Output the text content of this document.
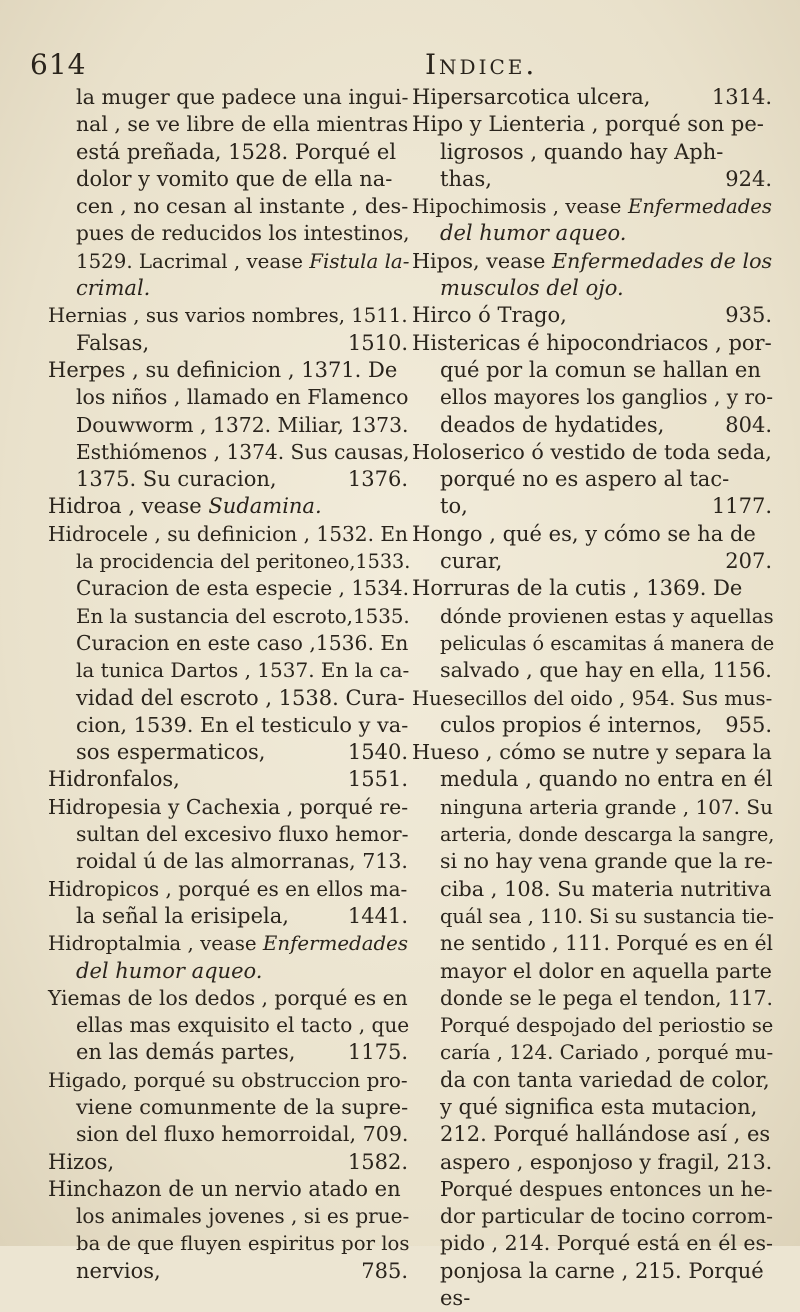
614	Indice.
la muger que padece una ingui-
nal , se ve libre de ella mientras
está preñada, 1528. Porqué el
dolor y vomito que de ella na-
cen , no cesan al instante , des-
pues de reducidos los intestinos,
1529. Lacrimal , vease Fistula la-
crimal.
Hernias , sus varios nombres, 1511.
Falsas,	1510.
Herpes , su definicion , 1371. De
los niños , llamado en Flamenco
Douwworm , 1372. Miliar, 1373.
Esthiómenos , 1374. Sus causas,
1375. Su curacion,	1376.
Hidroa , vease Sudamina.
Hidrocele , su definicion , 1532. En
la procidencia del peritoneo,1533.
Curacion de esta especie , 1534.
En la sustancia del escroto,1535.
Curacion en este caso ,1536. En
la tunica Dartos , 1537. En la ca-
vidad del escroto , 1538. Cura-
cion, 1539. En el testiculo y va-
sos espermaticos,	1540.
Hidronfalos,	1551.
Hidropesia y Cachexia , porqué re-
sultan del excesivo fluxo hemor-
roidal ú de las almorranas, 713.
Hidropicos , porqué es en ellos ma-
la señal la erisipela,	1441.
Hidroptalmia , vease Enfermedades
del humor aqueo.
Yiemas de los dedos , porqué es en
ellas mas exquisito el tacto , que
en las demás partes, 1175.
Higado, porqué su obstruccion pro-
viene comunmente de la supre-
sion del fluxo hemorroidal, 709.
Hizos,	1582.
Hinchazon de un nervio atado en
los animales jovenes , si es prue-
ba de que fluyen espiritus por los
nervios,	785.
Hipersarcotica ulcera,	1314.
Hipo y Lienteria , porqué son pe-
ligrosos , quando hay Aph-
thas,	924.
Hipochimosis , vease Enfermedades
del humor aqueo.
Hipos, vease Enfermedades de los
musculos del ojo.
Hirco ó Trago,	935.
Histericas é hipocondriacos , por-
qué por la comun se hallan en
ellos mayores los ganglios , y ro-
deados de hydatides,	804.
Holoserico ó vestido de toda seda,
porqué no es aspero al tac-
to,	1177.
Hongo , qué es, y cómo se ha de
curar,	207.
Horruras de la cutis , 1369. De
dónde provienen estas y aquellas
peliculas ó escamitas á manera de
salvado , que hay en ella, 1156.
Huesecillos del oido , 954. Sus mus-
culos propios é internos, 955.
Hueso , cómo se nutre y separa la
medula , quando no entra en él
ninguna arteria grande , 107. Su
arteria, donde descarga la sangre,
si no hay vena grande que la re-
ciba , 108. Su materia nutritiva
quál sea , 110. Si su sustancia tie-
ne sentido , 111. Porqué es en él
mayor el dolor en aquella parte
donde se le pega el tendon, 117.
Porqué despojado del periostio se
caría , 124. Cariado , porqué mu-
da con tanta variedad de color,
y qué significa esta mutacion,
212. Porqué hallándose así , es
aspero , esponjoso y fragil, 213.
Porqué despues entonces un he-
dor particular de tocino corrom-
pido , 214. Porqué está en él es-
ponjosa la carne , 215. Porqué
es-
